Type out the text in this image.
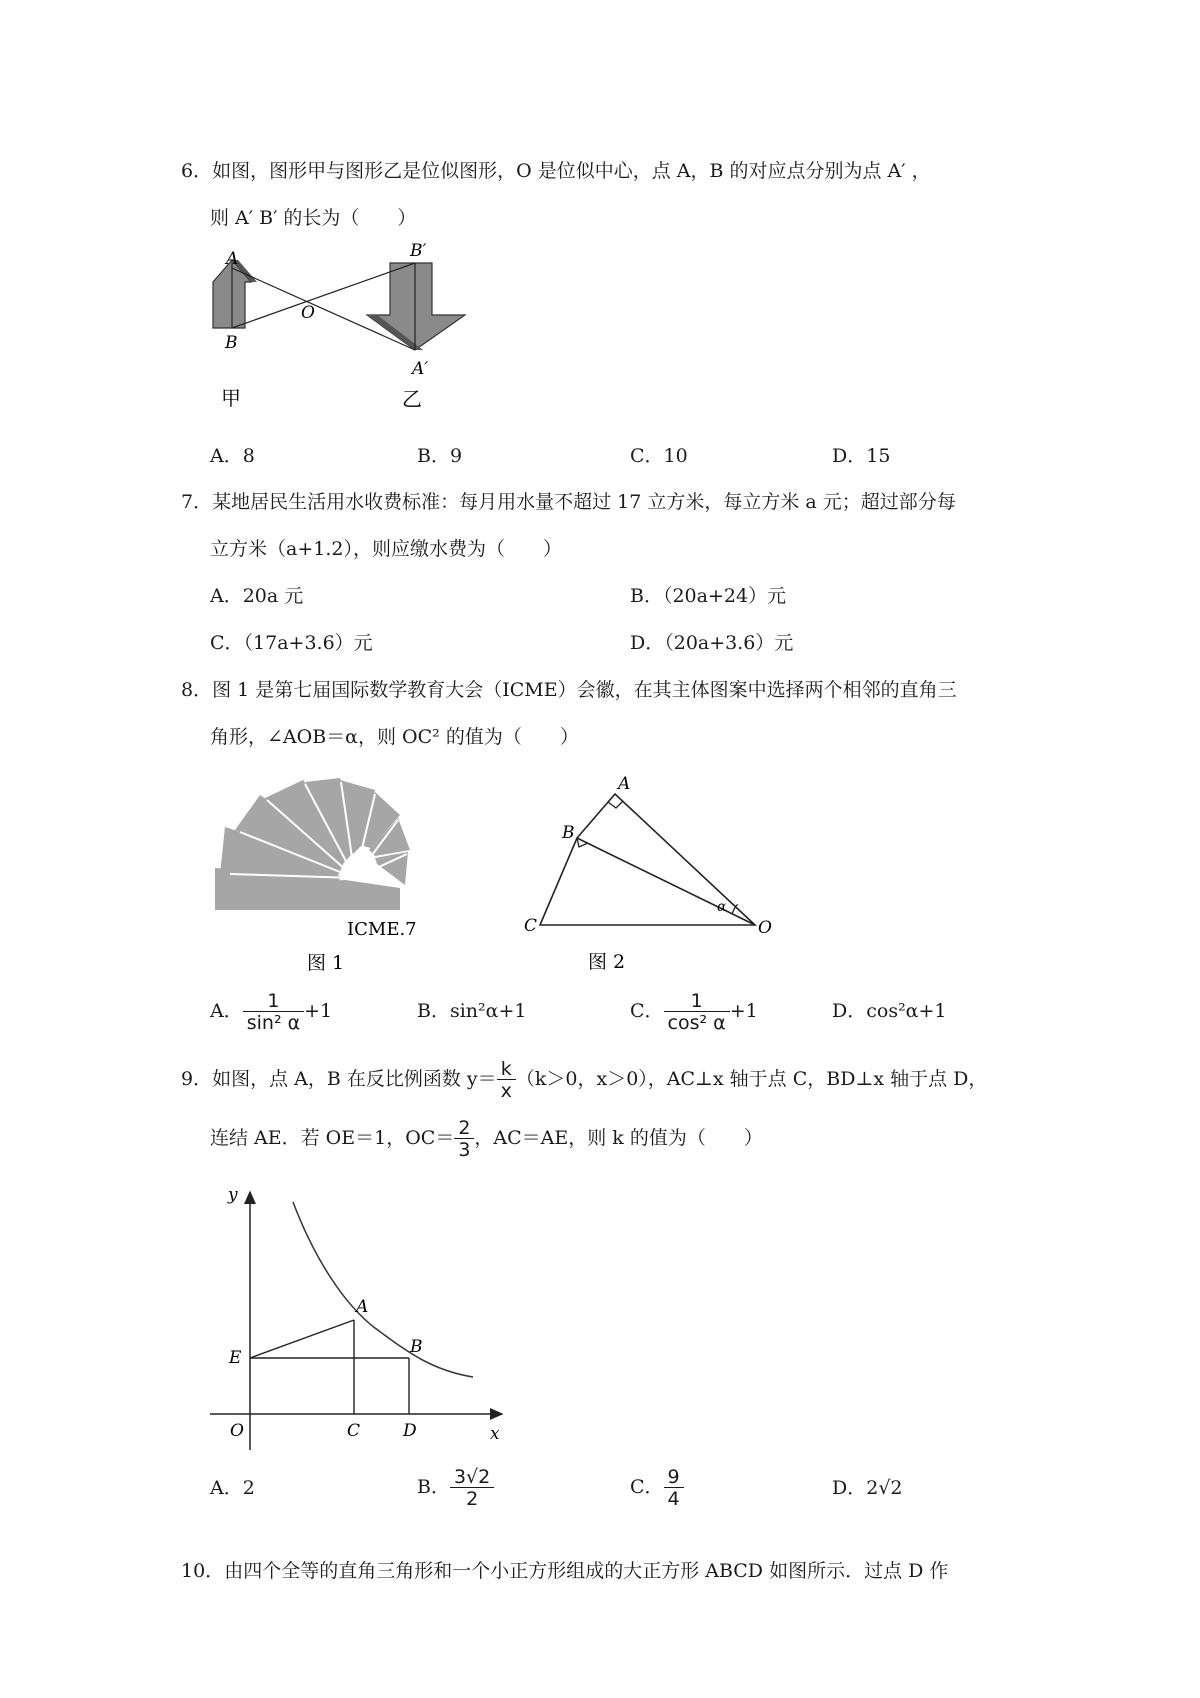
6．如图，图形甲与图形乙是位似图形，O 是位似中心，点 A，B 的对应点分别为点 A′ ，
则 A′ B′ 的长为（　　）
A
B
O
B′
A′
甲	乙
A．8	B．9	C．10	D．15
7．某地居民生活用水收费标准：每月用水量不超过 17 立方米，每立方米 a 元；超过部分每
立方米（a+1.2），则应缴水费为（　　）
A．20a 元	B．（20a+24）元
C．（17a+3.6）元	D．（20a+3.6）元
8．图 1 是第七届国际数学教育大会（ICME）会徽，在其主体图案中选择两个相邻的直角三
角形，∠AOB＝α，则 OC² 的值为（　　）
ICME.7
图 1
A
B
C	O
α
图 2
A． $\frac{1}{\text{sin² α}} +1$	B．sin²α+1	C． $\frac{1}{\text{cos² α}} +1$	D．cos²α+1
9．如图，点 A，B 在反比例函数 $y= \frac{k}{x} (k>0$，x＞0），AC⊥x 轴于点 C，BD⊥x 轴于点 D，
连结 AE．若 OE＝1，$OC= \frac{2}{3}$ ，AC＝AE，则 k 的值为（　　）
y
x
O
E
A
B
C	D
A．2	B． $\frac{3√2}{2}$	C． $\frac{9}{4}$	D．2√2
10．由四个全等的直角三角形和一个小正方形组成的大正方形 ABCD 如图所示．过点 D 作
